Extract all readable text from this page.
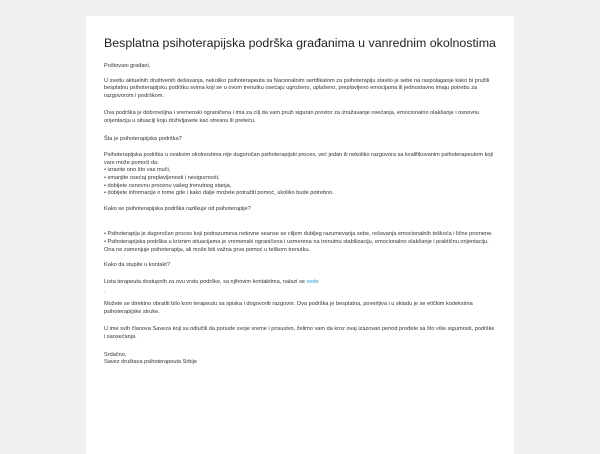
Besplatna psihoterapijska podrška građanima u vanrednim okolnostima

Poštovani građani,

U svetlu aktuelnih društvenih dešavanja, nekoliko psihoterapeuta sa Nacionalnim sertifikatom za psihoterapiju stavilo je sebe na raspolaganje kako bi pružili besplatnu psihoterapijsku podršku svima koji se u ovom trenutku osećaju ugroženo, uplašeno, preplavljeno emocijama ili jednostavno imaju potrebu za razgovorom i podrškom.

Ova podrška je dobrovoljna i vremenski ograničena i ima za cilj da vam pruži siguran prostor za izražavanje osećanja, emocionalno olakšanje i osnovnu orijentaciju u situaciji koju doživljavete kao stresnu ili preteću.

Šta je psihoterapijska podrška?

Psihoterapijska podrška u ovakvim okolnostima nije dugoročan psihoterapijski proces, već jedan ili nekoliko razgovora sa kvalifikovanim psihoterapeutom koji vam može pomoći da:

• izrazite ono što vas muči,
• smanjite osećaj preplavljenosti i nesigurnosti,
• dobijete osnovnu procenu vašeg trenutnog stanja,
• dobijete informacije o tome gde i kako dalje možete potražiti pomoć, ukoliko bude potrebno.

Kako se psihoterapijska podrška razlikuje od psihoterapije?

• Psihoterapija je dugoročan proces koji podrazumeva redovne seanse se ciljem dubljeg razumevanja sebe, rešavanja emocionalnih teškoća i lične promene.
• Psihoterapijska podrška u kriznim situacijama je vremenski ograničena i usmerena na trenutnu stabilizaciju, emocionalno olakšanje i praktičnu orijentaciju. Ona ne zamenjuje psihoterapiju, ali može biti važna prva pomoć u teškom trenutku.

Kako da stupite u kontakt?

Lista terapeuta dostupnih za ovu vrstu podrške, sa njihovim kontaktima, nalazi se ovde

.

Možete se direktno obratiti bilo kom terapeutu sa spiska i dogovoriti razgovor. Ova podrška je besplatna, poverljiva i u skladu je se etičkim kodeksima psihoterapijske struke.

U ime svih članova Saveza koji su odlučili da ponude svoje vreme i prisustvo, želimo vam da kroz ovaj izazovan period prođete sa što više sigurnosti, podrške i saosećanja.

Srdačno,

Savez društava psihoterapeuta Srbije
